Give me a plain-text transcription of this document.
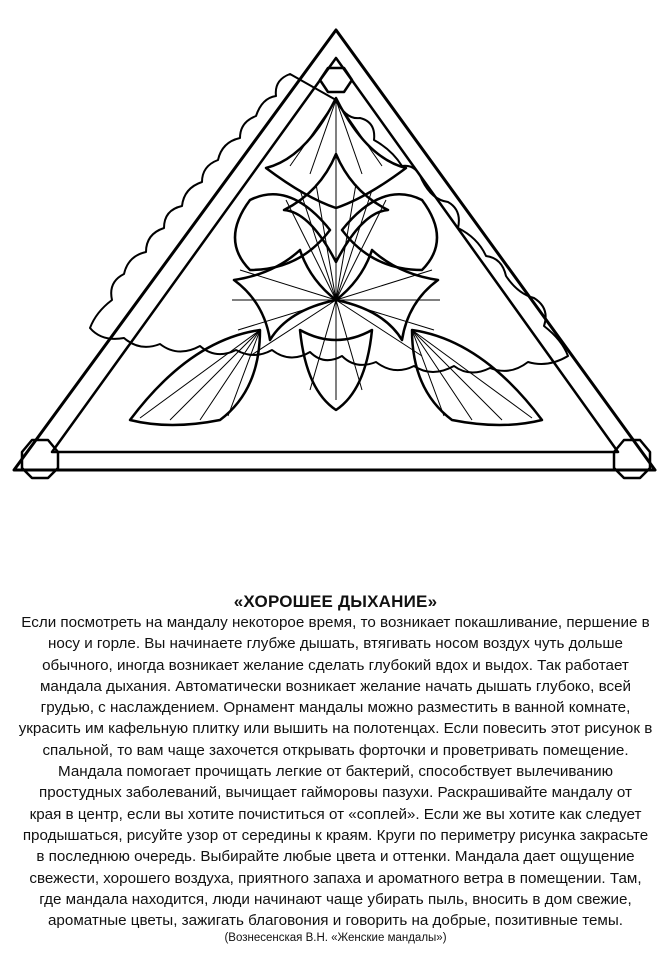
«ХОРОШЕЕ ДЫХАНИЕ»
Если посмотреть на мандалу некоторое время, то возникает покашливание, першение в
носу и горле. Вы начинаете глубже дышать, втягивать носом воздух чуть дольше
обычного, иногда возникает желание сделать глубокий вдох и выдох. Так работает
мандала дыхания. Автоматически возникает желание начать дышать глубоко, всей
грудью, с наслаждением. Орнамент мандалы можно разместить в ванной комнате,
украсить им кафельную плитку или вышить на полотенцах. Если повесить этот рисунок в
спальной, то вам чаще захочется открывать форточки и проветривать помещение.
Мандала помогает прочищать легкие от бактерий, способствует вылечиванию
простудных заболеваний, вычищает гайморовы пазухи. Раскрашивайте мандалу от
края в центр, если вы хотите почиститься от «соплей». Если же вы хотите как следует
продышаться, рисуйте узор от середины к краям. Круги по периметру рисунка закрасьте
в последнюю очередь. Выбирайте любые цвета и оттенки. Мандала дает ощущение
свежести, хорошего воздуха, приятного запаха и ароматного ветра в помещении. Там,
где мандала находится, люди начинают чаще убирать пыль, вносить в дом свежие,
ароматные цветы, зажигать благовония и говорить на добрые, позитивные темы.
(Вознесенская В.Н. «Женские мандалы»)
